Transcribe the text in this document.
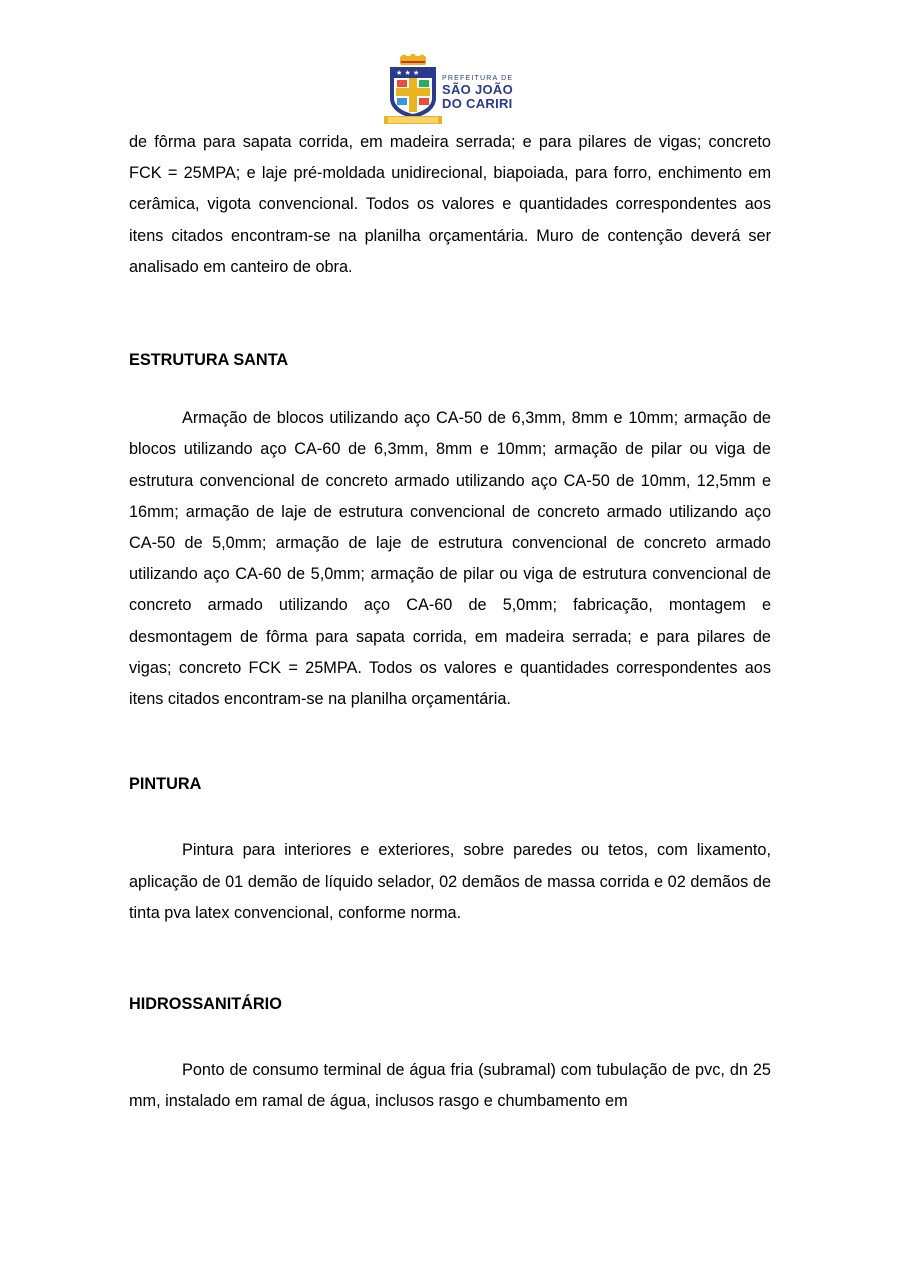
★ ★ ★
PREFEITURA DE
SÃO JOÃO
DO CARIRI

de fôrma para sapata corrida, em madeira serrada; e para pilares de vigas; concreto FCK = 25MPA; e laje pré-moldada unidirecional, biapoiada, para forro, enchimento em cerâmica, vigota convencional. Todos os valores e quantidades correspondentes aos itens citados encontram-se na planilha orçamentária. Muro de contenção deverá ser analisado em canteiro de obra.

ESTRUTURA SANTA

Armação de blocos utilizando aço CA-50 de 6,3mm, 8mm e 10mm; armação de blocos utilizando aço CA-60 de 6,3mm, 8mm e 10mm; armação de pilar ou viga de estrutura convencional de concreto armado utilizando aço CA-50 de 10mm, 12,5mm e 16mm; armação de laje de estrutura convencional de concreto armado utilizando aço CA-50 de 5,0mm; armação de laje de estrutura convencional de concreto armado utilizando aço CA-60 de 5,0mm; armação de pilar ou viga de estrutura convencional de concreto armado utilizando aço CA-60 de 5,0mm; fabricação, montagem e desmontagem de fôrma para sapata corrida, em madeira serrada; e para pilares de vigas; concreto FCK = 25MPA. Todos os valores e quantidades correspondentes aos itens citados encontram-se na planilha orçamentária.

PINTURA

Pintura para interiores e exteriores, sobre paredes ou tetos, com lixamento, aplicação de 01 demão de líquido selador, 02 demãos de massa corrida e 02 demãos de tinta pva latex convencional, conforme norma.

HIDROSSANITÁRIO

Ponto de consumo terminal de água fria (subramal) com tubulação de pvc, dn 25 mm, instalado em ramal de água, inclusos rasgo e chumbamento em
